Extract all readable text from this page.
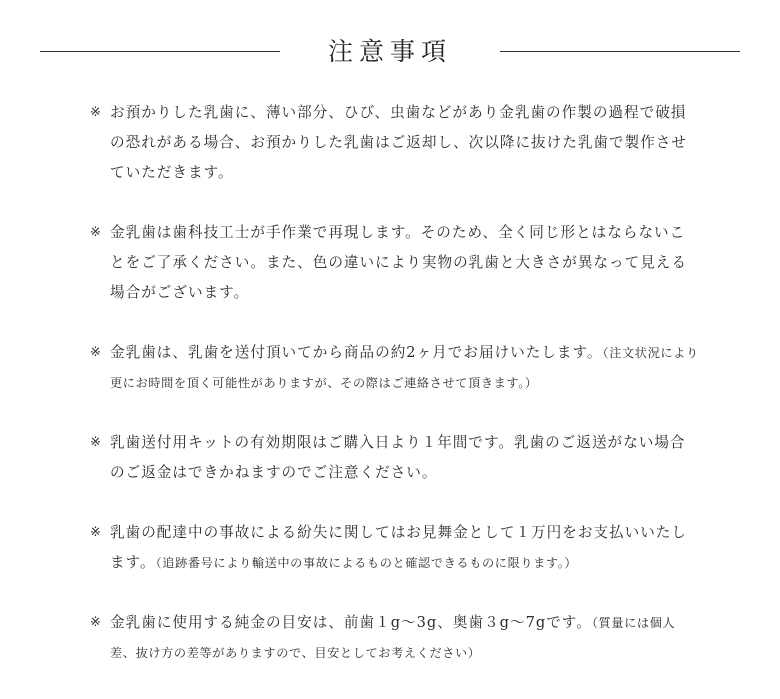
注意事項
※ お預かりした乳歯に、薄い部分、ひび、虫歯などがあり金乳歯の作製の過程で破損の恐れがある場合、お預かりした乳歯はご返却し、次以降に抜けた乳歯で製作させていただきます。
※ 金乳歯は歯科技工士が手作業で再現します。そのため、全く同じ形とはならないことをご了承ください。また、色の違いにより実物の乳歯と大きさが異なって見える場合がございます。
※ 金乳歯は、乳歯を送付頂いてから商品の約2ヶ月でお届けいたします。（注文状況により更にお時間を頂く可能性がありますが、その際はご連絡させて頂きます。）
※ 乳歯送付用キットの有効期限はご購入日より１年間です。乳歯のご返送がない場合のご返金はできかねますのでご注意ください。
※ 乳歯の配達中の事故による紛失に関してはお見舞金として１万円をお支払いいたします。（追跡番号により輸送中の事故によるものと確認できるものに限ります。）
※ 金乳歯に使用する純金の目安は、前歯１g～3g、奥歯３g～7gです。（質量には個人差、抜け方の差等がありますので、目安としてお考えください）
